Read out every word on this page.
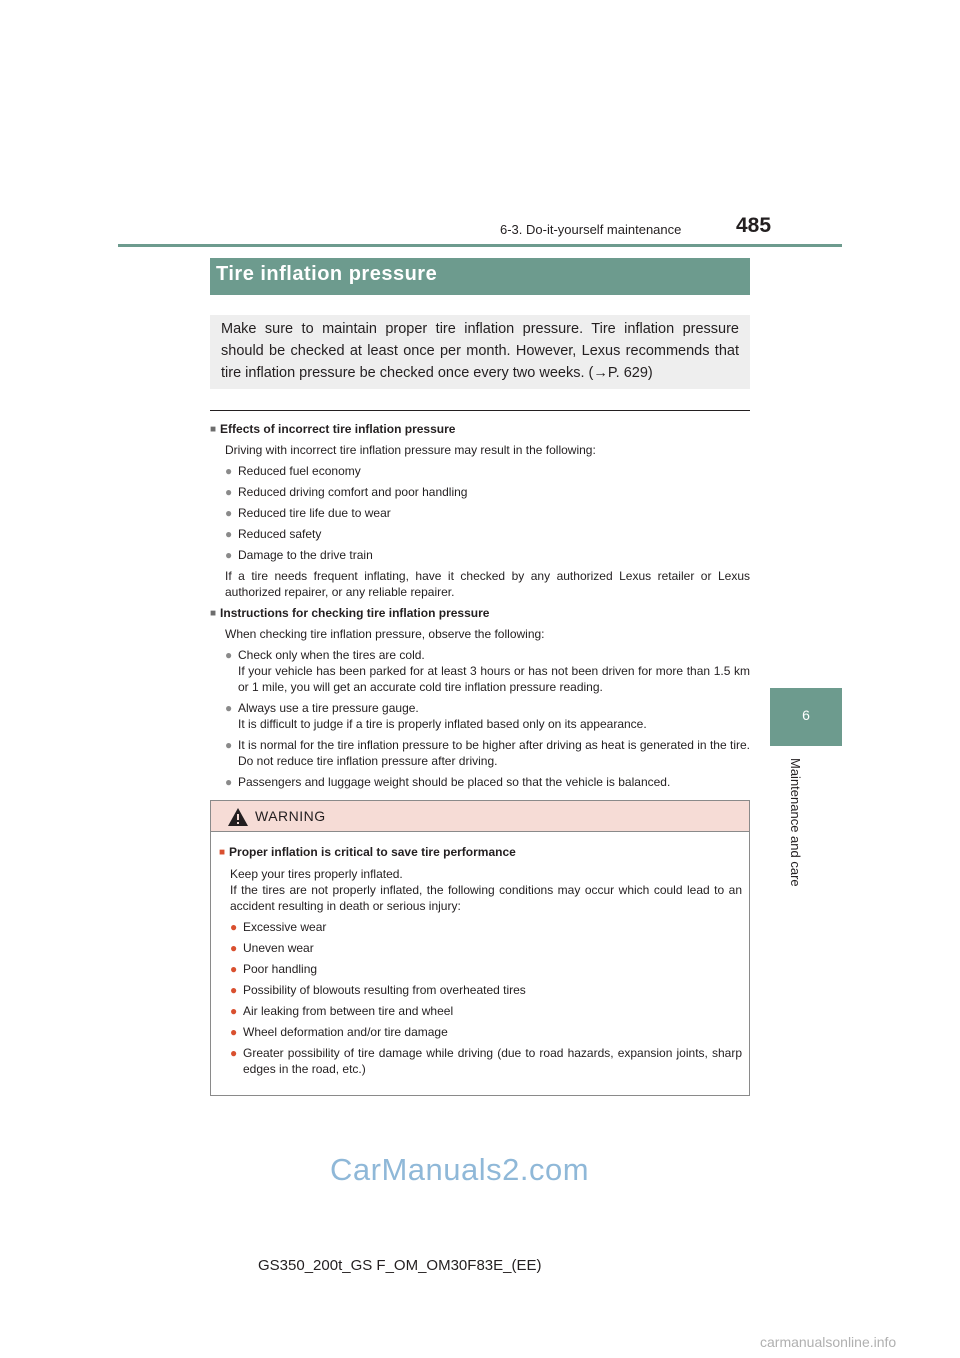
6-3. Do-it-yourself maintenance	485
6
Maintenance and care
Tire inflation pressure

Make sure to maintain proper tire inflation pressure. Tire inflation pressure should be checked at least once per month. However, Lexus recommends that tire inflation pressure be checked once every two weeks. (→P. 629)

■ Effects of incorrect tire inflation pressure
Driving with incorrect tire inflation pressure may result in the following:
● Reduced fuel economy
● Reduced driving comfort and poor handling
● Reduced tire life due to wear
● Reduced safety
● Damage to the drive train
If a tire needs frequent inflating, have it checked by any authorized Lexus retailer or Lexus authorized repairer, or any reliable repairer.
■ Instructions for checking tire inflation pressure
When checking tire inflation pressure, observe the following:
● Check only when the tires are cold.
If your vehicle has been parked for at least 3 hours or has not been driven for more than 1.5 km or 1 mile, you will get an accurate cold tire inflation pressure reading.
● Always use a tire pressure gauge.
It is difficult to judge if a tire is properly inflated based only on its appearance.
● It is normal for the tire inflation pressure to be higher after driving as heat is generated in the tire. Do not reduce tire inflation pressure after driving.
● Passengers and luggage weight should be placed so that the vehicle is balanced.
WARNING
■ Proper inflation is critical to save tire performance
Keep your tires properly inflated.
If the tires are not properly inflated, the following conditions may occur which could lead to an accident resulting in death or serious injury:
● Excessive wear
● Uneven wear
● Poor handling
● Possibility of blowouts resulting from overheated tires
● Air leaking from between tire and wheel
● Wheel deformation and/or tire damage
● Greater possibility of tire damage while driving (due to road hazards, expansion joints, sharp edges in the road, etc.)
CarManuals2.com
GS350_200t_GS F_OM_OM30F83E_(EE)
carmanualsonline.info
